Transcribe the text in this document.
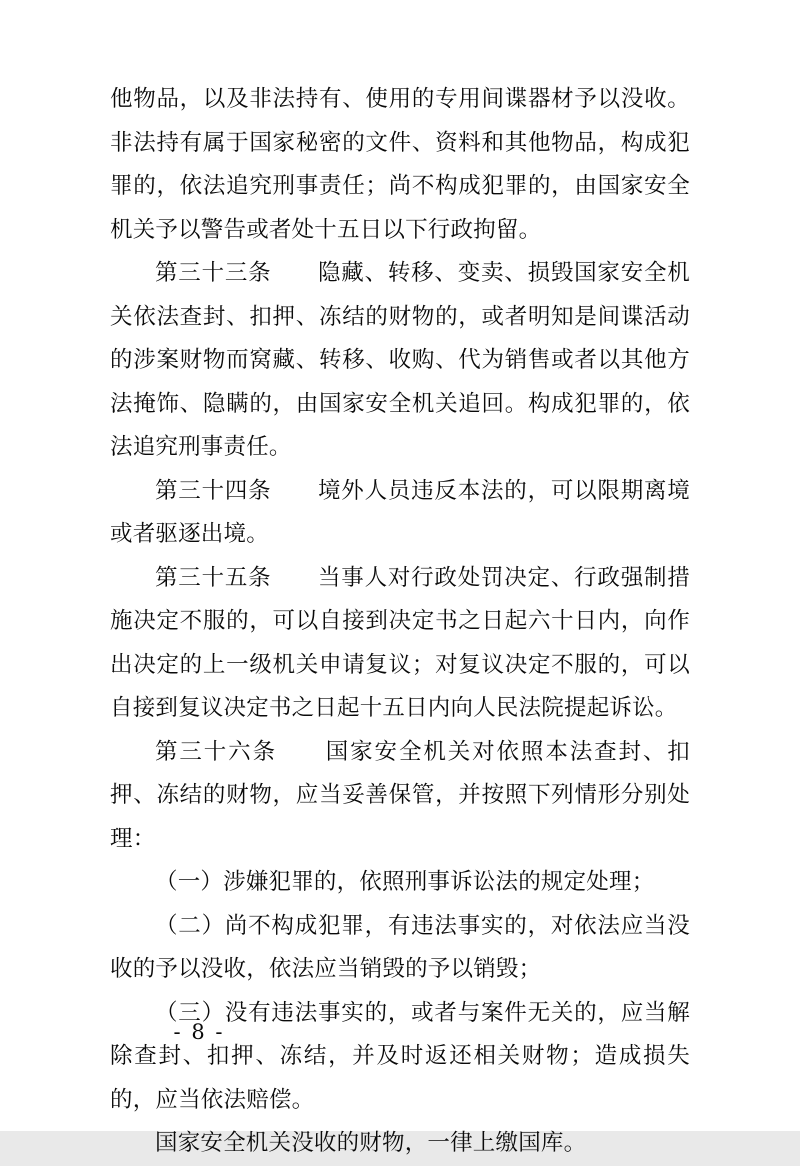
他物品，以及非法持有、使用的专用间谍器材予以没收。非法持有属于国家秘密的文件、资料和其他物品，构成犯罪的，依法追究刑事责任；尚不构成犯罪的，由国家安全机关予以警告或者处十五日以下行政拘留。

第三十三条　　隐藏、转移、变卖、损毁国家安全机关依法查封、扣押、冻结的财物的，或者明知是间谍活动的涉案财物而窝藏、转移、收购、代为销售或者以其他方法掩饰、隐瞒的，由国家安全机关追回。构成犯罪的，依法追究刑事责任。

第三十四条　　境外人员违反本法的，可以限期离境或者驱逐出境。

第三十五条　　当事人对行政处罚决定、行政强制措施决定不服的，可以自接到决定书之日起六十日内，向作出决定的上一级机关申请复议；对复议决定不服的，可以自接到复议决定书之日起十五日内向人民法院提起诉讼。

第三十六条　　国家安全机关对依照本法查封、扣押、冻结的财物，应当妥善保管，并按照下列情形分别处理：

（一）涉嫌犯罪的，依照刑事诉讼法的规定处理；

（二）尚不构成犯罪，有违法事实的，对依法应当没收的予以没收，依法应当销毁的予以销毁；

（三）没有违法事实的，或者与案件无关的，应当解除查封、扣押、冻结，并及时返还相关财物；造成损失的，应当依法赔偿。

国家安全机关没收的财物，一律上缴国库。

- 8 -
